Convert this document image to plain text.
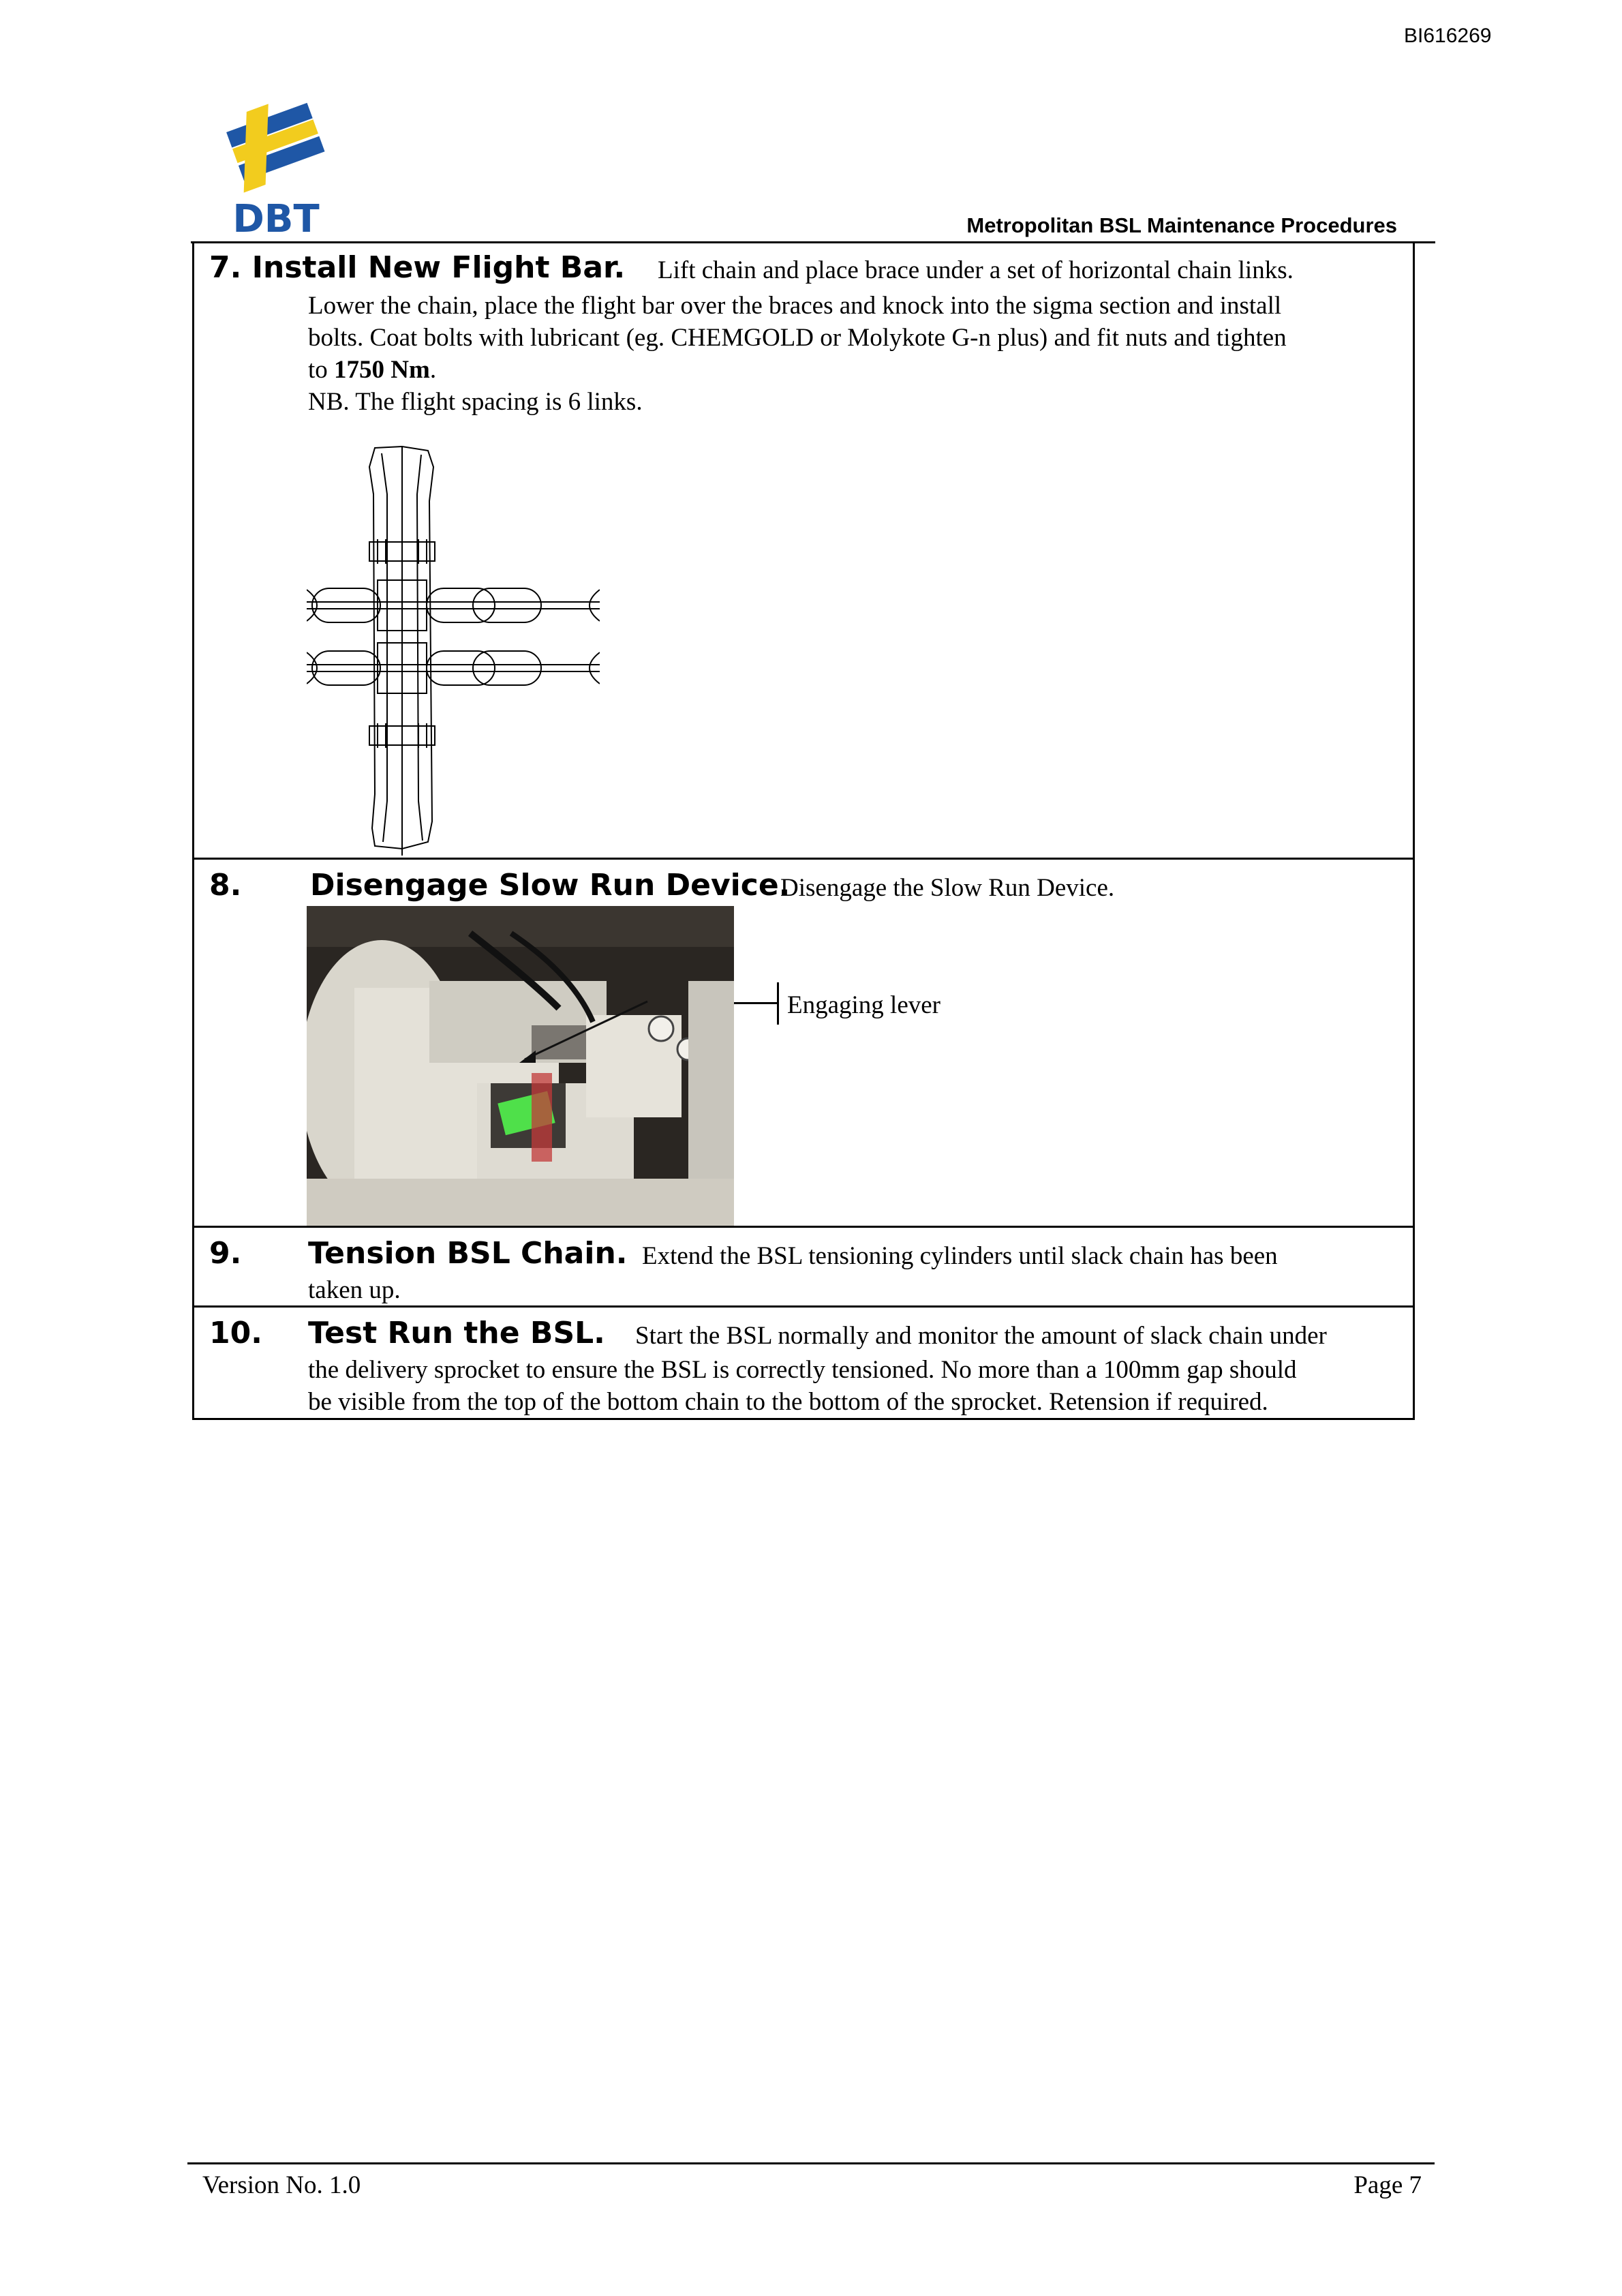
BI616269
DBT	Metropolitan BSL Maintenance Procedures
7. Install New Flight Bar. Lift chain and place brace under a set of horizontal chain links.
Lower the chain, place the flight bar over the braces and knock into the sigma section and install
bolts. Coat bolts with lubricant (eg. CHEMGOLD or Molykote G-n plus) and fit nuts and tighten
to 1750 Nm.
NB. The flight spacing is 6 links.
8. Disengage Slow Run Device.
Disengage the Slow Run Device.
Engaging lever
9. Tension BSL Chain. Extend the BSL tensioning cylinders until slack chain has been
taken up.
10. Test Run the BSL. Start the BSL normally and monitor the amount of slack chain under
the delivery sprocket to ensure the BSL is correctly tensioned. No more than a 100mm gap should
be visible from the top of the bottom chain to the bottom of the sprocket. Retension if required.
Version No. 1.0	Page 7
